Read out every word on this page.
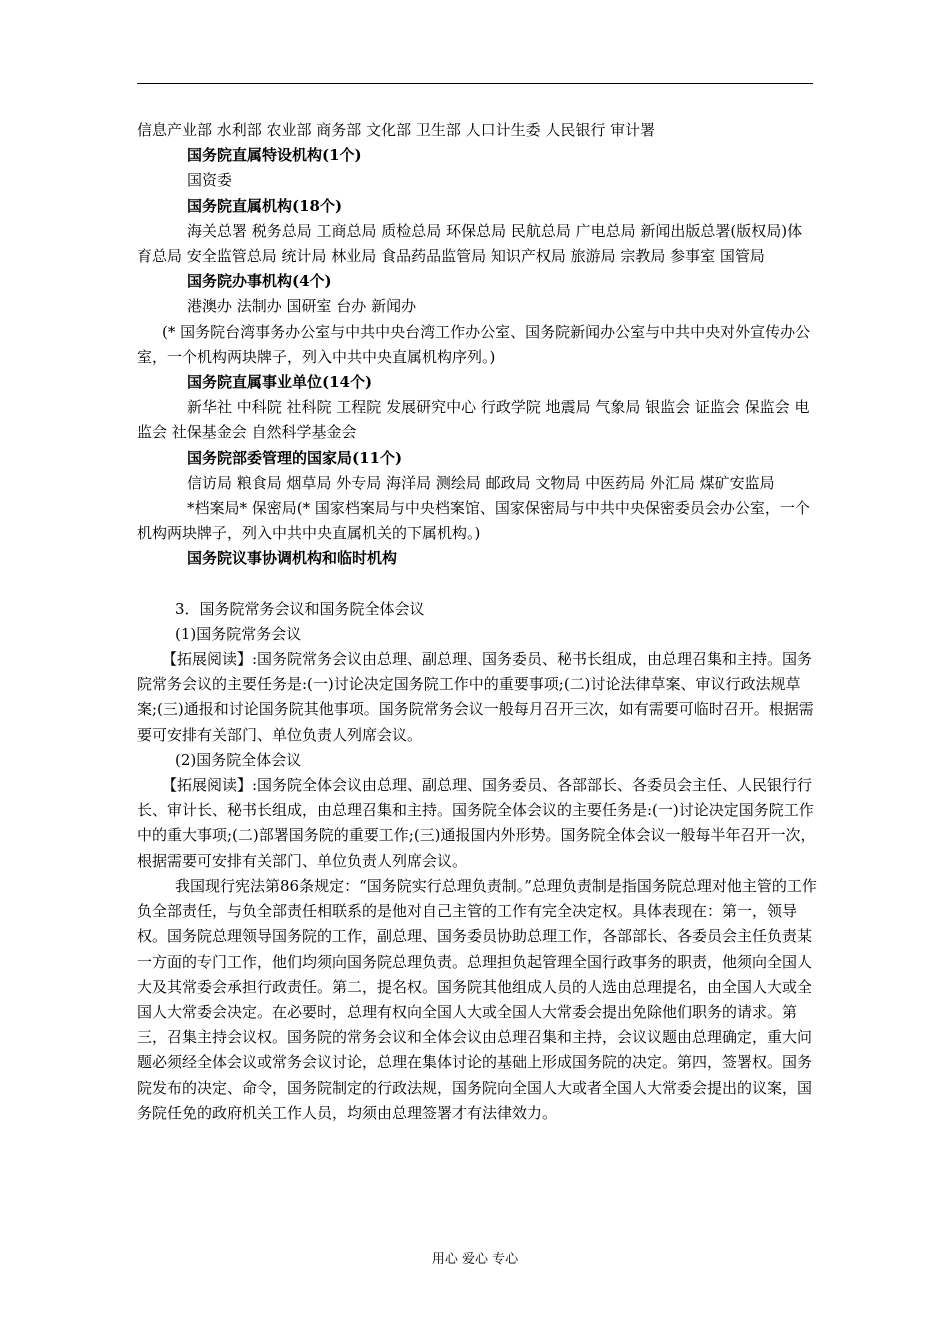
信息产业部 水利部 农业部 商务部 文化部 卫生部 人口计生委 人民银行 审计署

国务院直属特设机构(1个)

国资委

国务院直属机构(18个)

海关总署 税务总局 工商总局 质检总局 环保总局 民航总局 广电总局 新闻出版总署(版权局)体育总局 安全监管总局 统计局 林业局 食品药品监管局 知识产权局 旅游局 宗教局 参事室 国管局

国务院办事机构(4个)

港澳办 法制办 国研室 台办 新闻办

(* 国务院台湾事务办公室与中共中央台湾工作办公室、国务院新闻办公室与中共中央对外宣传办公室，一个机构两块牌子，列入中共中央直属机构序列。)

国务院直属事业单位(14个)

新华社 中科院 社科院 工程院 发展研究中心 行政学院 地震局 气象局 银监会 证监会 保监会 电监会 社保基金会 自然科学基金会

国务院部委管理的国家局(11个)

信访局 粮食局 烟草局 外专局 海洋局 测绘局 邮政局 文物局 中医药局 外汇局 煤矿安监局

*档案局* 保密局(* 国家档案局与中央档案馆、国家保密局与中共中央保密委员会办公室，一个机构两块牌子，列入中共中央直属机关的下属机构。)

国务院议事协调机构和临时机构

3．国务院常务会议和国务院全体会议

(1)国务院常务会议

【拓展阅读】:国务院常务会议由总理、副总理、国务委员、秘书长组成，由总理召集和主持。国务院常务会议的主要任务是:(一)讨论决定国务院工作中的重要事项;(二)讨论法律草案、审议行政法规草案;(三)通报和讨论国务院其他事项。国务院常务会议一般每月召开三次，如有需要可临时召开。根据需要可安排有关部门、单位负责人列席会议。

(2)国务院全体会议

【拓展阅读】:国务院全体会议由总理、副总理、国务委员、各部部长、各委员会主任、人民银行行长、审计长、秘书长组成，由总理召集和主持。国务院全体会议的主要任务是:(一)讨论决定国务院工作中的重大事项;(二)部署国务院的重要工作;(三)通报国内外形势。国务院全体会议一般每半年召开一次，根据需要可安排有关部门、单位负责人列席会议。

我国现行宪法第86条规定：“国务院实行总理负责制。”总理负责制是指国务院总理对他主管的工作负全部责任，与负全部责任相联系的是他对自己主管的工作有完全决定权。具体表现在：第一，领导权。国务院总理领导国务院的工作，副总理、国务委员协助总理工作，各部部长、各委员会主任负责某一方面的专门工作，他们均须向国务院总理负责。总理担负起管理全国行政事务的职责，他须向全国人大及其常委会承担行政责任。第二，提名权。国务院其他组成人员的人选由总理提名，由全国人大或全国人大常委会决定。在必要时，总理有权向全国人大或全国人大常委会提出免除他们职务的请求。第三，召集主持会议权。国务院的常务会议和全体会议由总理召集和主持，会议议题由总理确定，重大问题必须经全体会议或常务会议讨论，总理在集体讨论的基础上形成国务院的决定。第四，签署权。国务院发布的决定、命令，国务院制定的行政法规，国务院向全国人大或者全国人大常委会提出的议案，国务院任免的政府机关工作人员，均须由总理签署才有法律效力。

用心 爱心 专心
